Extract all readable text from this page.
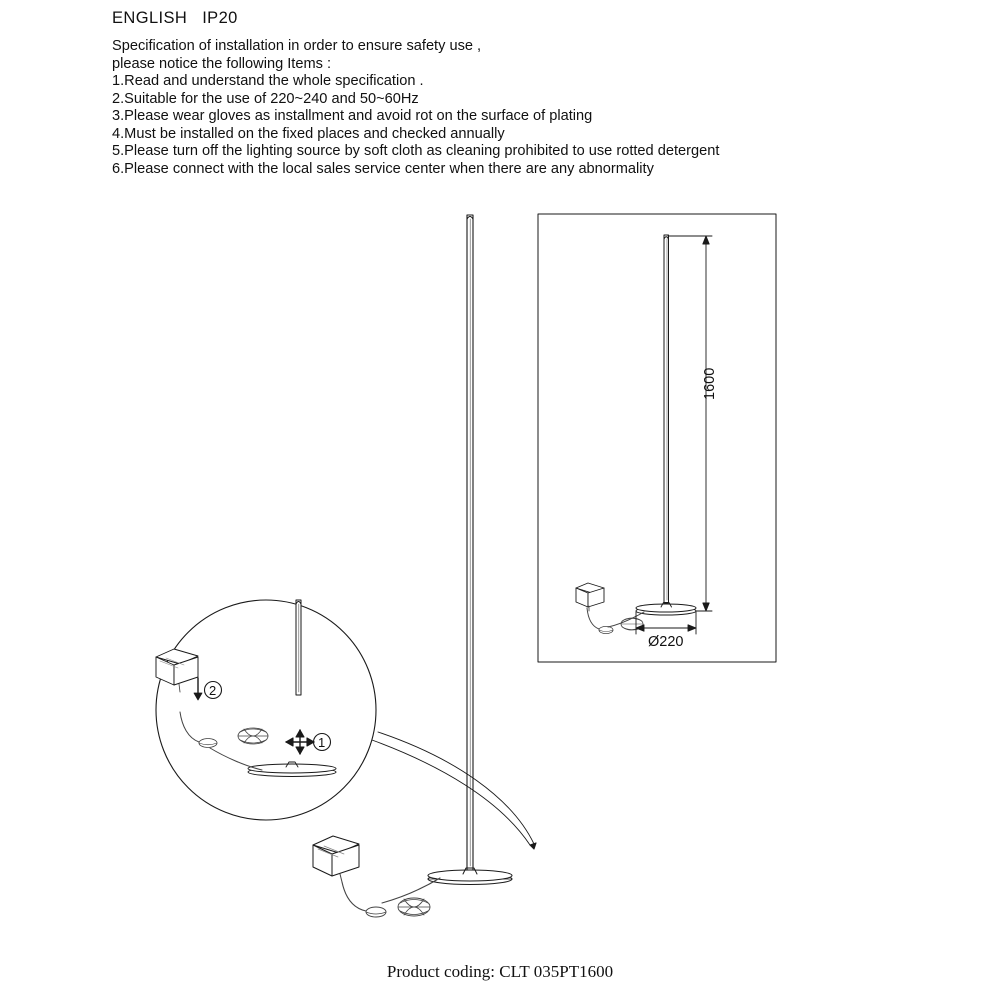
ENGLISH   IP20
Specification of installation in order to ensure safety use ,
please notice the following Items :
1.Read and understand the whole specification .
2.Suitable for the use of 220~240 and 50~60Hz
3.Please wear gloves as installment and avoid rot on the surface of plating
4.Must be installed on the fixed places and checked annually
5.Please turn off the lighting source by soft cloth as cleaning prohibited to use rotted detergent
6.Please connect with the local sales service center when there are any abnormality
1600
Ø220
1
2
Product coding: CLT 035PT1600
